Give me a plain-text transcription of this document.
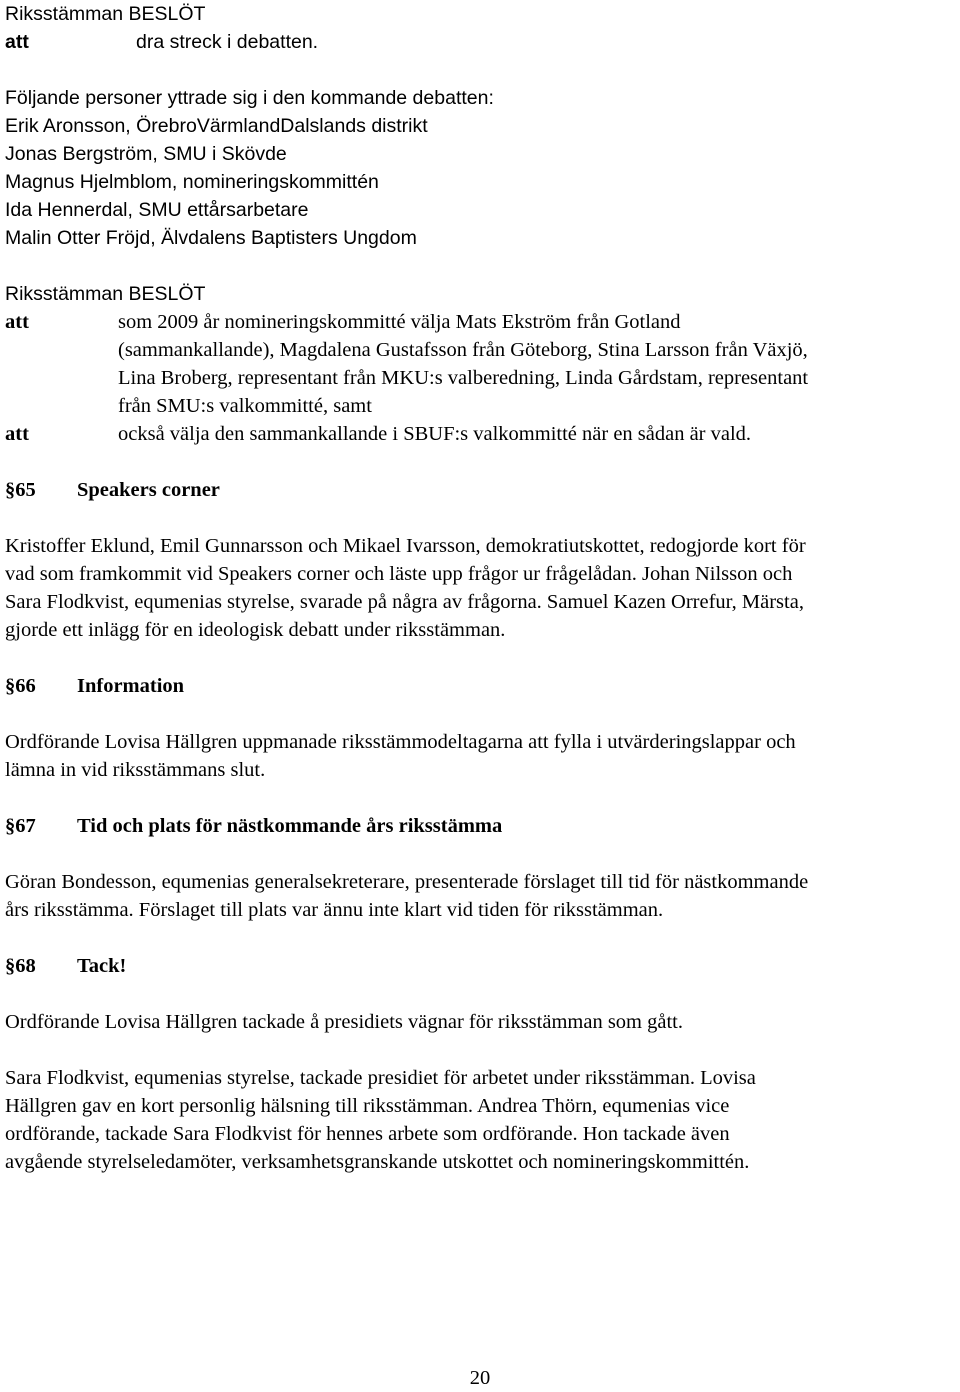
Riksstämman BESLÖT
att	dra streck i debatten.
Följande personer yttrade sig i den kommande debatten:
Erik Aronsson, ÖrebroVärmlandDalslands distrikt
Jonas Bergström, SMU i Skövde
Magnus Hjelmblom, nomineringskommittén
Ida Hennerdal, SMU ettårsarbetare
Malin Otter Fröjd, Älvdalens Baptisters Ungdom
Riksstämman BESLÖT
att	som 2009 år nomineringskommitté välja Mats Ekström från Gotland
(sammankallande), Magdalena Gustafsson från Göteborg, Stina Larsson från Växjö,
Lina Broberg, representant från MKU:s valberedning, Linda Gårdstam, representant
från SMU:s valkommitté, samt
att	också välja den sammankallande i SBUF:s valkommitté när en sådan är vald.
§65 Speakers corner
Kristoffer Eklund, Emil Gunnarsson och Mikael Ivarsson, demokratiutskottet, redogjorde kort för
vad som framkommit vid Speakers corner och läste upp frågor ur frågelådan. Johan Nilsson och
Sara Flodkvist, equmenias styrelse, svarade på några av frågorna. Samuel Kazen Orrefur, Märsta,
gjorde ett inlägg för en ideologisk debatt under riksstämman.
§66 Information
Ordförande Lovisa Hällgren uppmanade riksstämmodeltagarna att fylla i utvärderingslappar och
lämna in vid riksstämmans slut.
§67 Tid och plats för nästkommande års riksstämma
Göran Bondesson, equmenias generalsekreterare, presenterade förslaget till tid för nästkommande
års riksstämma. Förslaget till plats var ännu inte klart vid tiden för riksstämman.
§68 Tack!
Ordförande Lovisa Hällgren tackade å presidiets vägnar för riksstämman som gått.
Sara Flodkvist, equmenias styrelse, tackade presidiet för arbetet under riksstämman. Lovisa
Hällgren gav en kort personlig hälsning till riksstämman. Andrea Thörn, equmenias vice
ordförande, tackade Sara Flodkvist för hennes arbete som ordförande. Hon tackade även
avgående styrelseledamöter, verksamhetsgranskande utskottet och nomineringskommittén.
20
